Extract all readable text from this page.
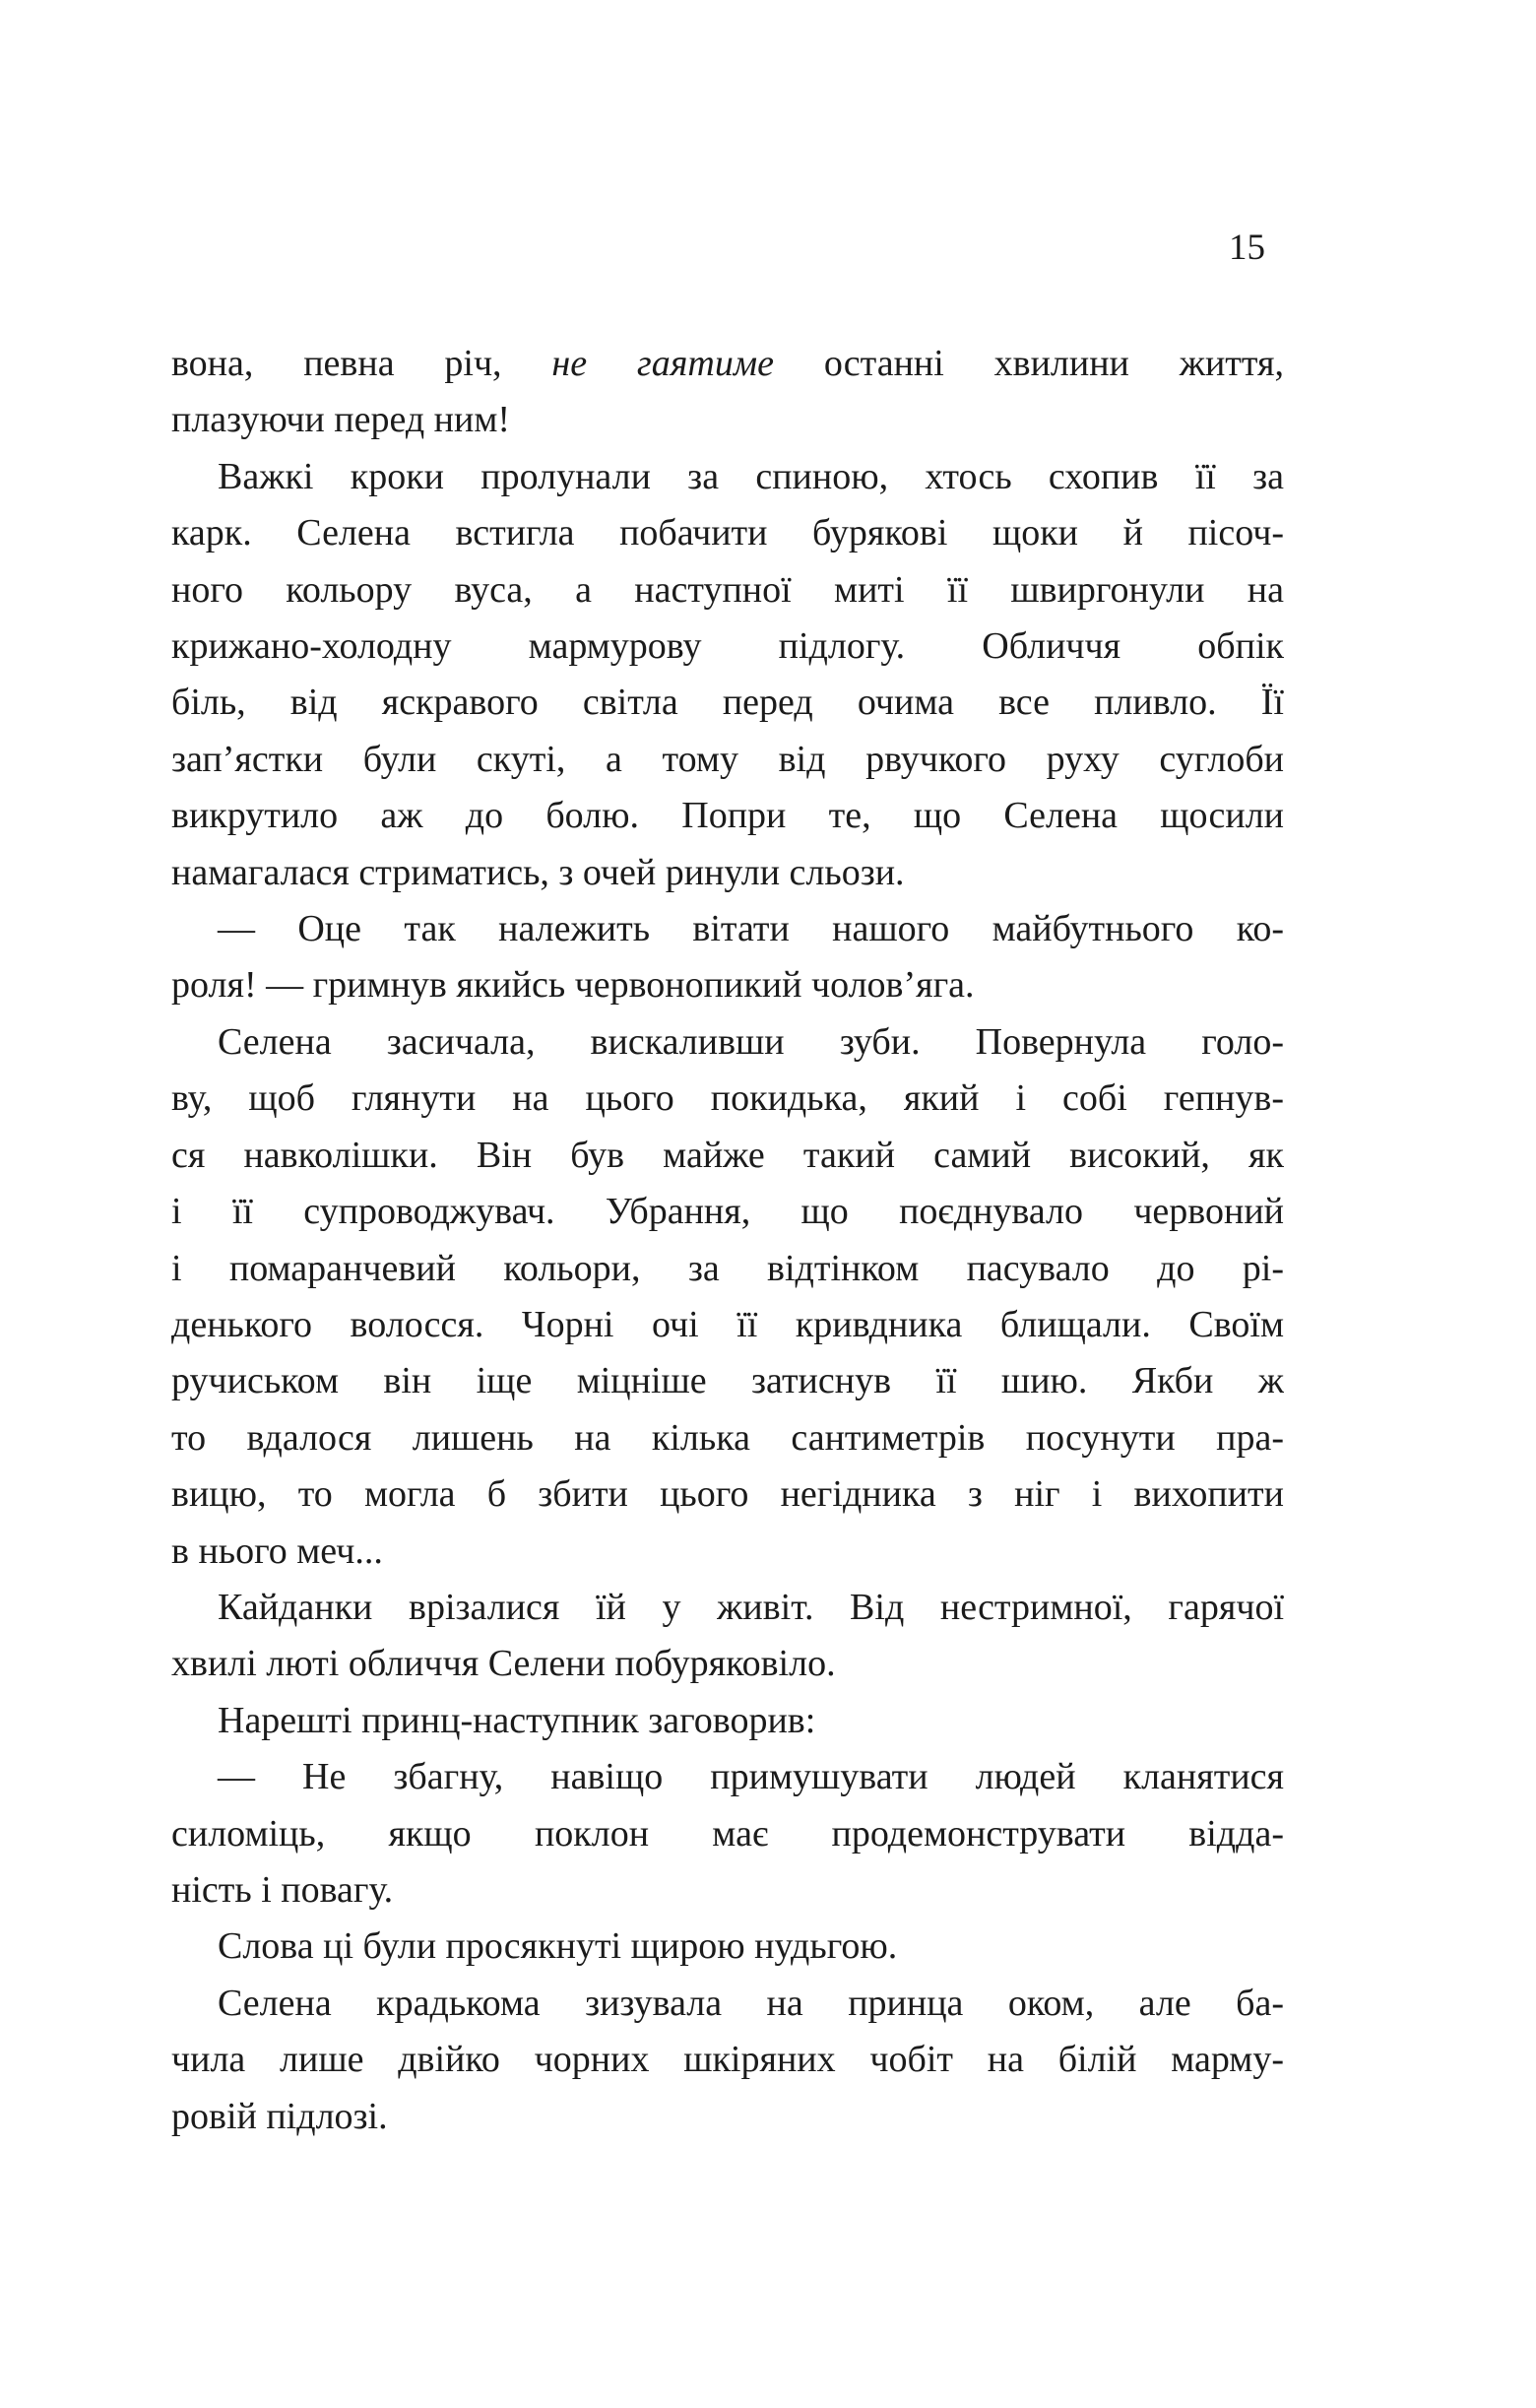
15
вона, певна річ, не гаятиме останні хвилини життя,
плазуючи перед ним!
Важкі кроки пролунали за спиною, хтось схопив її за
карк. Селена встигла побачити бурякові щоки й пісоч-
ного кольору вуса, а наступної миті її швиргонули на
крижано-холодну мармурову підлогу. Обличчя обпік
біль, від яскравого світла перед очима все пливло. Її
зап’ястки були скуті, а тому від рвучкого руху суглоби
викрутило аж до болю. Попри те, що Селена щосили
намагалася стриматись, з очей ринули сльози.
— Оце так належить вітати нашого майбутнього ко-
роля! — гримнув якийсь червонопикий чолов’яга.
Селена засичала, вискаливши зуби. Повернула голо-
ву, щоб глянути на цього покидька, який і собі гепнув-
ся навколішки. Він був майже такий самий високий, як
і її супроводжувач. Убрання, що поєднувало червоний
і помаранчевий кольори, за відтінком пасувало до рі-
денького волосся. Чорні очі її кривдника блищали. Своїм
ручиськом він іще міцніше затиснув її шию. Якби ж
то вдалося лишень на кілька сантиметрів посунути пра-
вицю, то могла б збити цього негідника з ніг і вихопити
в нього меч...
Кайданки врізалися їй у живіт. Від нестримної, гарячої
хвилі люті обличчя Селени побуряковіло.
Нарешті принц-наступник заговорив:
— Не збагну, навіщо примушувати людей кланятися
силоміць, якщо поклон має продемонструвати відда-
ність і повагу.
Слова ці були просякнуті щирою нудьгою.
Селена крадькома зизувала на принца оком, але ба-
чила лише двійко чорних шкіряних чобіт на білій марму-
ровій підлозі.
